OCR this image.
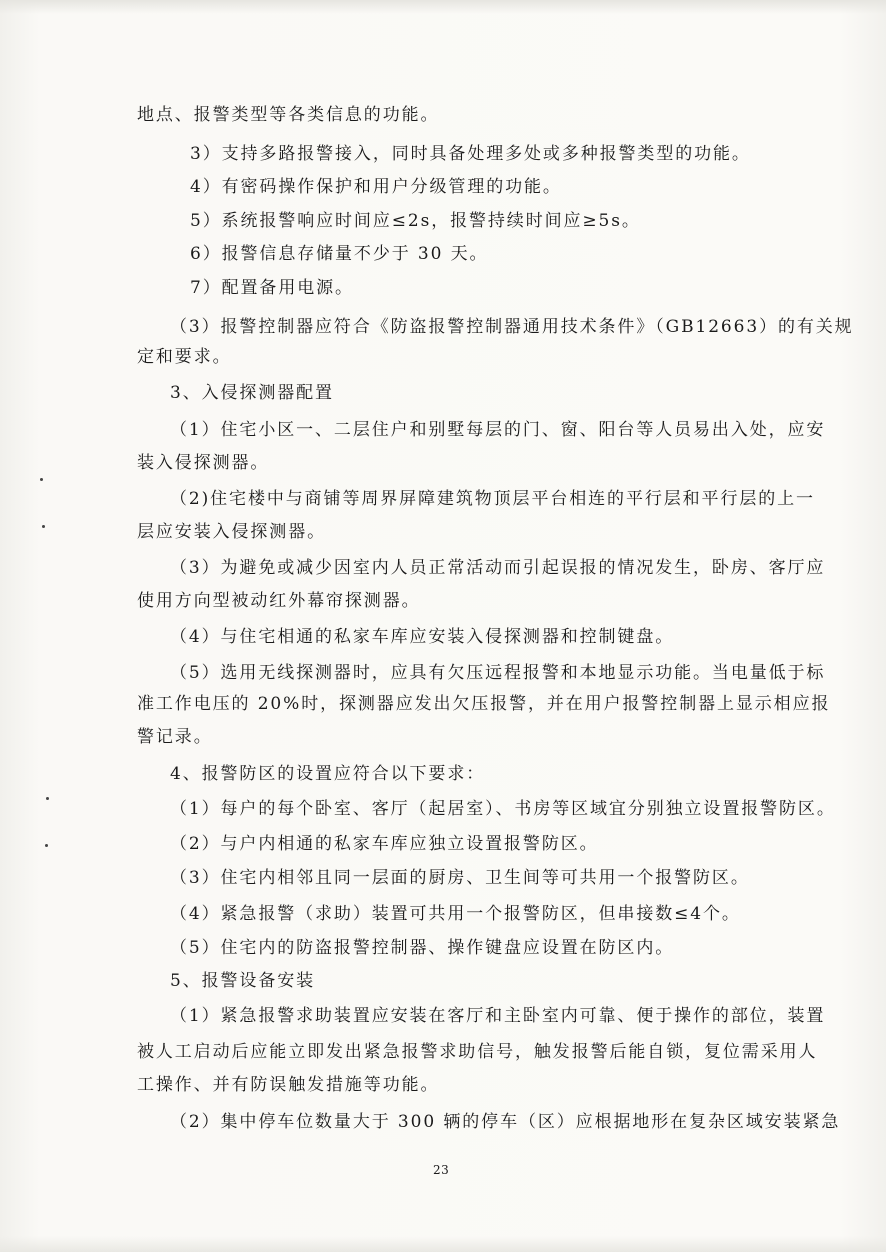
地点、报警类型等各类信息的功能。
3）支持多路报警接入，同时具备处理多处或多种报警类型的功能。
4）有密码操作保护和用户分级管理的功能。
5）系统报警响应时间应≤2s，报警持续时间应≥5s。
6）报警信息存储量不少于 30 天。
7）配置备用电源。
（3）报警控制器应符合《防盗报警控制器通用技术条件》（GB12663）的有关规
定和要求。
3、入侵探测器配置
（1）住宅小区一、二层住户和别墅每层的门、窗、阳台等人员易出入处，应安
装入侵探测器。
（2)住宅楼中与商铺等周界屏障建筑物顶层平台相连的平行层和平行层的上一
层应安装入侵探测器。
（3）为避免或减少因室内人员正常活动而引起误报的情况发生，卧房、客厅应
使用方向型被动红外幕帘探测器。
（4）与住宅相通的私家车库应安装入侵探测器和控制键盘。
（5）选用无线探测器时，应具有欠压远程报警和本地显示功能。当电量低于标
准工作电压的 20%时，探测器应发出欠压报警，并在用户报警控制器上显示相应报
警记录。
4、报警防区的设置应符合以下要求：
（1）每户的每个卧室、客厅（起居室）、书房等区域宜分别独立设置报警防区。
（2）与户内相通的私家车库应独立设置报警防区。
（3）住宅内相邻且同一层面的厨房、卫生间等可共用一个报警防区。
（4）紧急报警（求助）装置可共用一个报警防区，但串接数≤4个。
（5）住宅内的防盗报警控制器、操作键盘应设置在防区内。
5、报警设备安装
（1）紧急报警求助装置应安装在客厅和主卧室内可靠、便于操作的部位，装置
被人工启动后应能立即发出紧急报警求助信号，触发报警后能自锁，复位需采用人
工操作、并有防误触发措施等功能。
（2）集中停车位数量大于 300 辆的停车（区）应根据地形在复杂区域安装紧急
23
